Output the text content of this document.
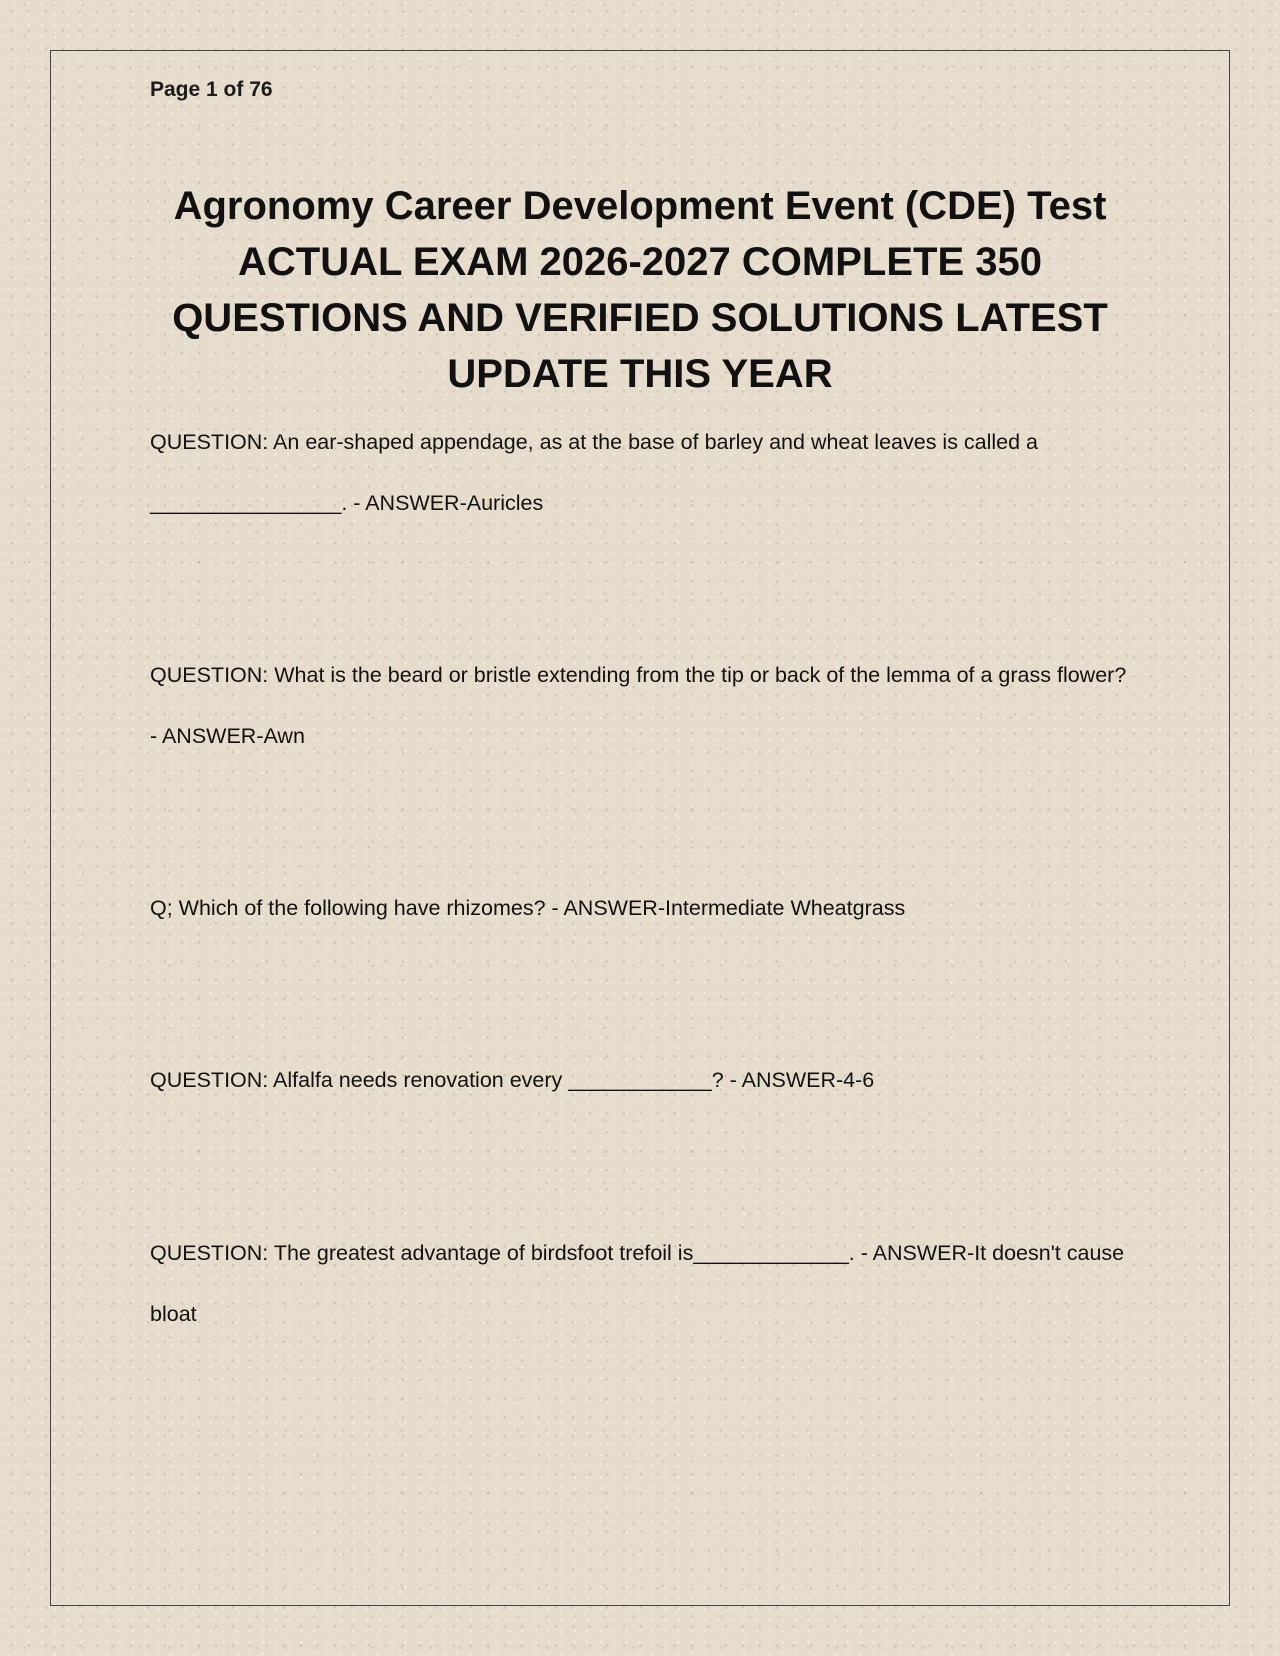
Page 1 of 76
Agronomy Career Development Event (CDE) Test ACTUAL EXAM 2026-2027 COMPLETE 350 QUESTIONS AND VERIFIED SOLUTIONS LATEST UPDATE THIS YEAR

QUESTION: An ear-shaped appendage, as at the base of barley and wheat leaves is called a ________________. - ANSWER-Auricles

QUESTION: What is the beard or bristle extending from the tip or back of the lemma of a grass flower? - ANSWER-Awn

Q; Which of the following have rhizomes? - ANSWER-Intermediate Wheatgrass

QUESTION: Alfalfa needs renovation every ____________? - ANSWER-4-6

QUESTION: The greatest advantage of birdsfoot trefoil is_____________. - ANSWER-It doesn't cause bloat
